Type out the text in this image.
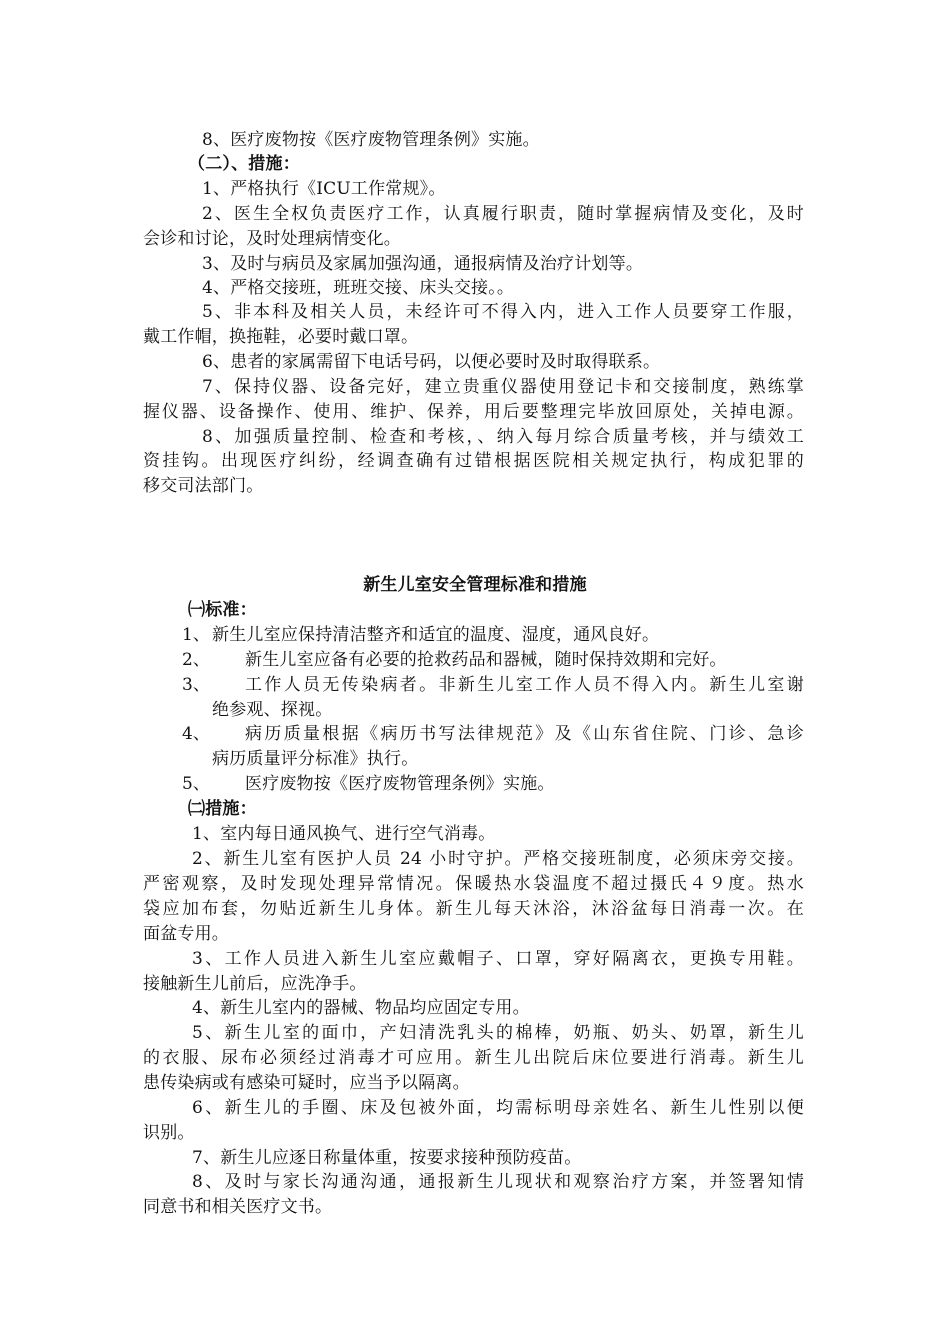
8、医疗废物按《医疗废物管理条例》实施。
（二）、措施：
1、严格执行《ICU工作常规》。
2、医生全权负责医疗工作，认真履行职责，随时掌握病情及变化，及时
会诊和讨论，及时处理病情变化。
3、及时与病员及家属加强沟通，通报病情及治疗计划等。
4、严格交接班，班班交接、床头交接。。
5、非本科及相关人员，未经许可不得入内，进入工作人员要穿工作服，
戴工作帽，换拖鞋，必要时戴口罩。
6、患者的家属需留下电话号码，以便必要时及时取得联系。
7、保持仪器、设备完好，建立贵重仪器使用登记卡和交接制度，熟练掌
握仪器、设备操作、使用、维护、保养，用后要整理完毕放回原处，关掉电源。
8、加强质量控制、检查和考核，、纳入每月综合质量考核，并与绩效工
资挂钩。出现医疗纠纷，经调查确有过错根据医院相关规定执行，构成犯罪的
移交司法部门。
新生儿室安全管理标准和措施
㈠标准：
1、 新生儿室应保持清洁整齐和适宜的温度、湿度，通风良好。
2、 新生儿室应备有必要的抢救药品和器械，随时保持效期和完好。
3、 工作人员无传染病者。非新生儿室工作人员不得入内。新生儿室谢
绝参观、探视。
4、 病历质量根据《病历书写法律规范》及《山东省住院、门诊、急诊
病历质量评分标准》执行。
5、 医疗废物按《医疗废物管理条例》实施。
㈡措施：
1、室内每日通风换气、进行空气消毒。
2、新生儿室有医护人员 24 小时守护。严格交接班制度，必须床旁交接。
严密观察，及时发现处理异常情况。保暖热水袋温度不超过摄氏４９度。热水
袋应加布套，勿贴近新生儿身体。新生儿每天沐浴，沐浴盆每日消毒一次。在
面盆专用。
3、工作人员进入新生儿室应戴帽子、口罩，穿好隔离衣，更换专用鞋。
接触新生儿前后，应洗净手。
4、新生儿室内的器械、物品均应固定专用。
5、新生儿室的面巾，产妇清洗乳头的棉棒，奶瓶、奶头、奶罩，新生儿
的衣服、尿布必须经过消毒才可应用。新生儿出院后床位要进行消毒。新生儿
患传染病或有感染可疑时，应当予以隔离。
6、新生儿的手圈、床及包被外面，均需标明母亲姓名、新生儿性别以便
识别。
7、新生儿应逐日称量体重，按要求接种预防疫苗。
8、及时与家长沟通沟通，通报新生儿现状和观察治疗方案，并签署知情
同意书和相关医疗文书。
